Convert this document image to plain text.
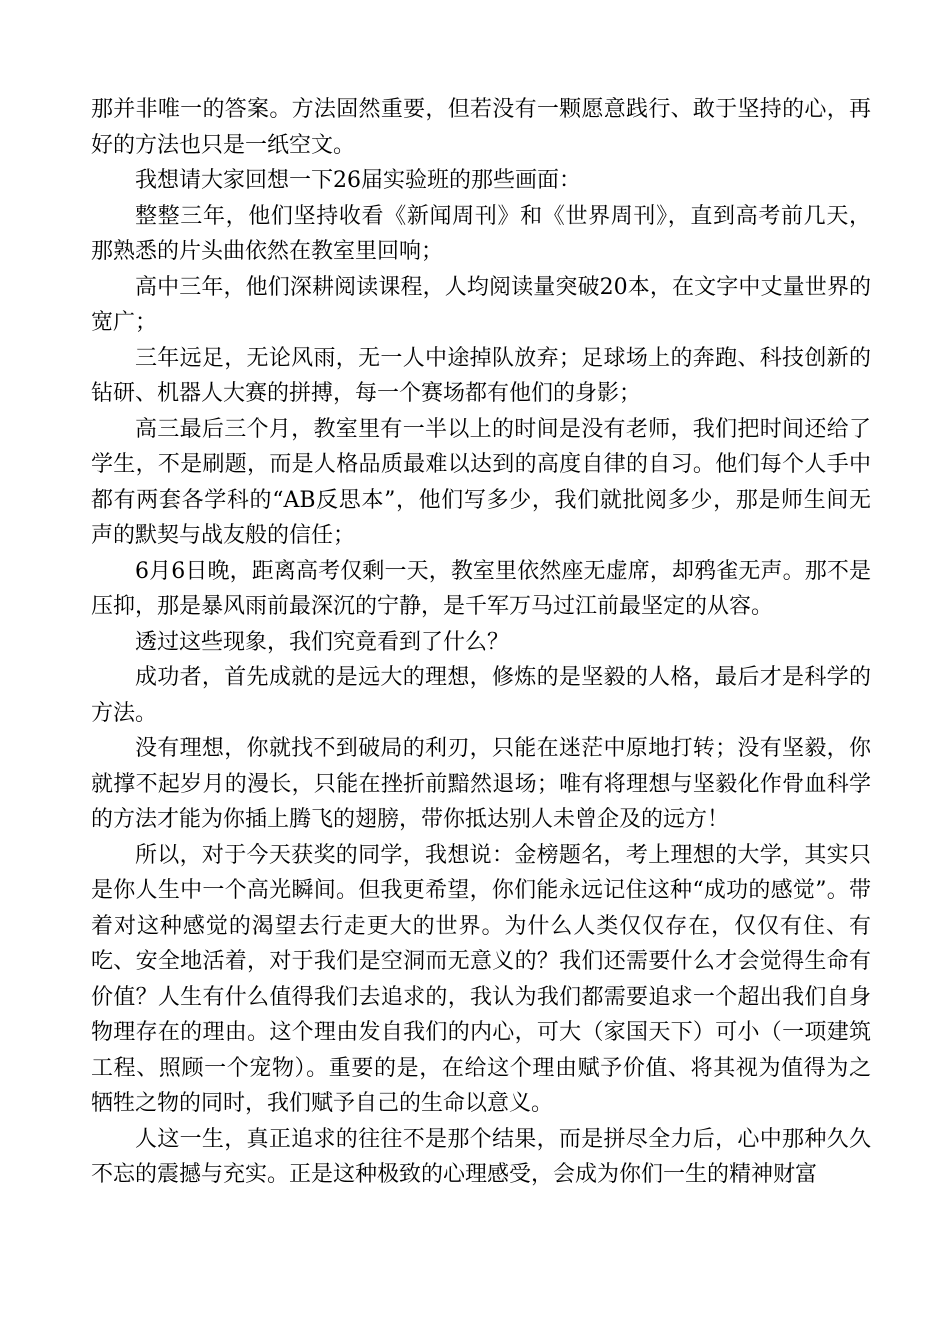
那并非唯一的答案。方法固然重要，但若没有一颗愿意践行、敢于坚持的心，再好的方法也只是一纸空文。

我想请大家回想一下26届实验班的那些画面：

整整三年，他们坚持收看《新闻周刊》和《世界周刊》，直到高考前几天，那熟悉的片头曲依然在教室里回响；

高中三年，他们深耕阅读课程，人均阅读量突破20本，在文字中丈量世界的宽广；

三年远足，无论风雨，无一人中途掉队放弃；足球场上的奔跑、科技创新的钻研、机器人大赛的拼搏，每一个赛场都有他们的身影；

高三最后三个月，教室里有一半以上的时间是没有老师，我们把时间还给了学生，不是刷题，而是人格品质最难以达到的高度自律的自习。他们每个人手中都有两套各学科的“AB反思本”，他们写多少，我们就批阅多少，那是师生间无声的默契与战友般的信任；

6月6日晚，距离高考仅剩一天，教室里依然座无虚席，却鸦雀无声。那不是压抑，那是暴风雨前最深沉的宁静，是千军万马过江前最坚定的从容。

透过这些现象，我们究竟看到了什么？

成功者，首先成就的是远大的理想，修炼的是坚毅的人格，最后才是科学的方法。

没有理想，你就找不到破局的利刃，只能在迷茫中原地打转；没有坚毅，你就撑不起岁月的漫长，只能在挫折前黯然退场；唯有将理想与坚毅化作骨血科学的方法才能为你插上腾飞的翅膀，带你抵达别人未曾企及的远方！

所以，对于今天获奖的同学，我想说：金榜题名，考上理想的大学，其实只是你人生中一个高光瞬间。但我更希望，你们能永远记住这种“成功的感觉”。带着对这种感觉的渴望去行走更大的世界。为什么人类仅仅存在，仅仅有住、有吃、安全地活着，对于我们是空洞而无意义的？我们还需要什么才会觉得生命有价值？人生有什么值得我们去追求的，我认为我们都需要追求一个超出我们自身物理存在的理由。这个理由发自我们的内心，可大（家国天下）可小（一项建筑工程、照顾一个宠物）。重要的是，在给这个理由赋予价值、将其视为值得为之牺牲之物的同时，我们赋予自己的生命以意义。

人这一生，真正追求的往往不是那个结果，而是拼尽全力后，心中那种久久不忘的震撼与充实。正是这种极致的心理感受，会成为你们一生的精神财富
